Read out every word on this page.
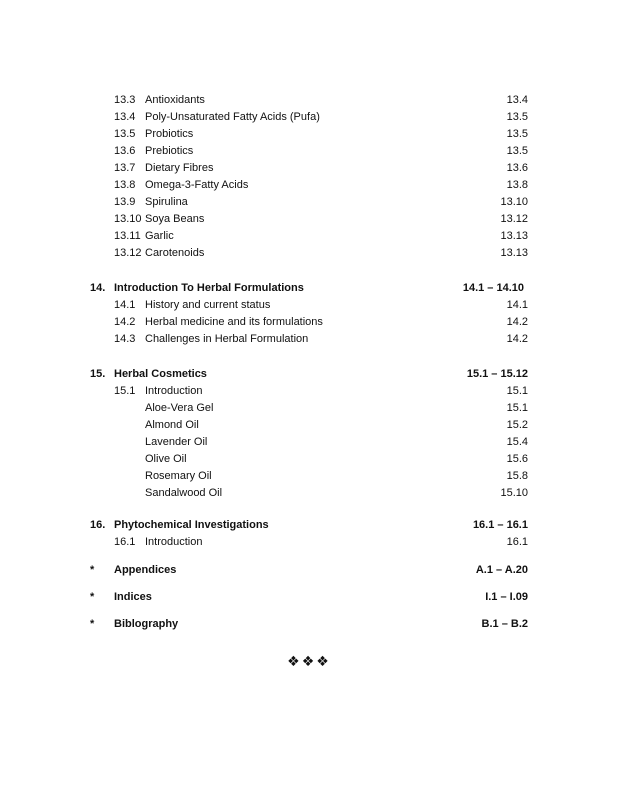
13.3 Antioxidants	13.4
13.4 Poly-Unsaturated Fatty Acids (Pufa)	13.5
13.5 Probiotics	13.5
13.6 Prebiotics	13.5
13.7 Dietary Fibres	13.6
13.8 Omega-3-Fatty Acids	13.8
13.9 Spirulina	13.10
13.10 Soya Beans	13.12
13.11 Garlic	13.13
13.12 Carotenoids	13.13
14. Introduction To Herbal Formulations	14.1 – 14.10
14.1 History and current status	14.1
14.2 Herbal medicine and its formulations	14.2
14.3 Challenges in Herbal Formulation	14.2
15. Herbal Cosmetics	15.1 – 15.12
15.1 Introduction	15.1
Aloe-Vera Gel	15.1
Almond Oil	15.2
Lavender Oil	15.4
Olive Oil	15.6
Rosemary Oil	15.8
Sandalwood Oil	15.10
16. Phytochemical Investigations	16.1 – 16.1
16.1 Introduction	16.1
* Appendices	A.1 – A.20
* Indices	I.1 – I.09
* Biblography	B.1 – B.2
❖❖❖
